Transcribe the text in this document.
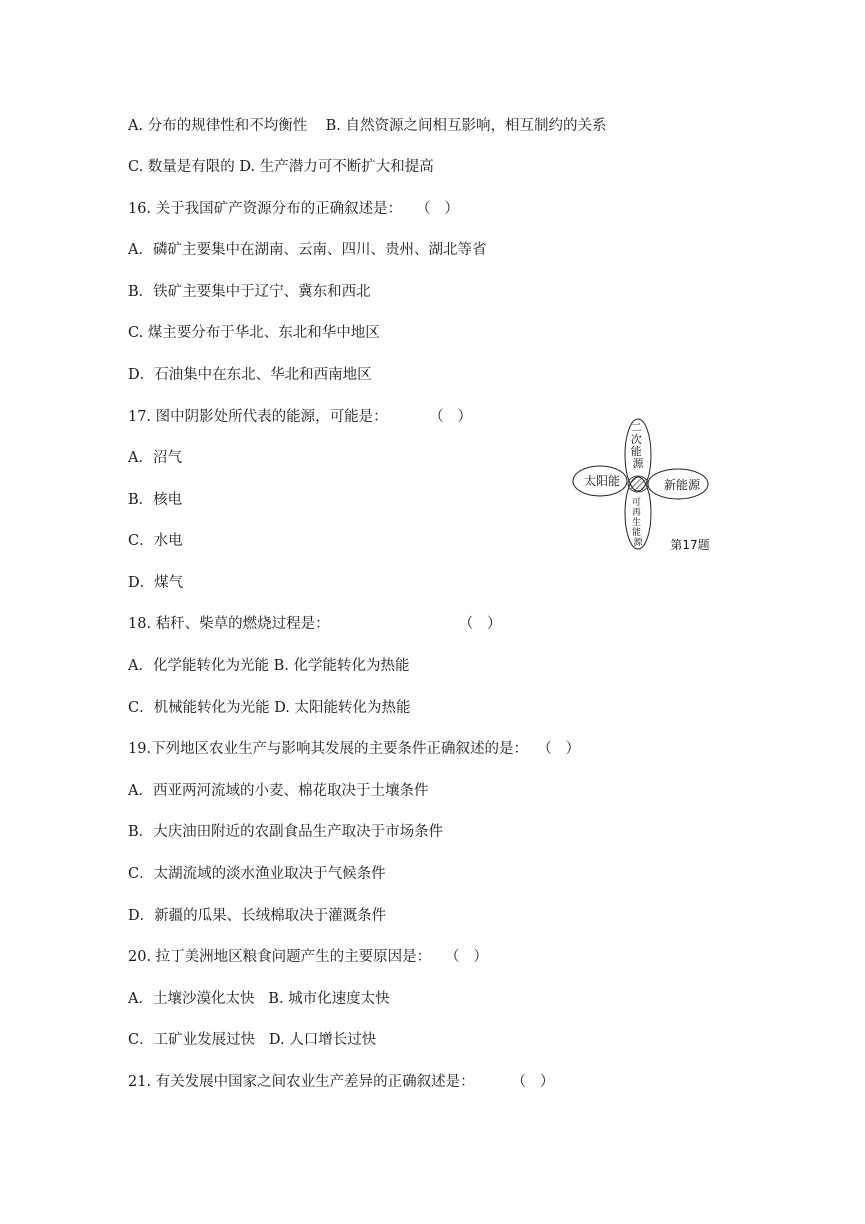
A. 分布的规律性和不均衡性    B. 自然资源之间相互影响，相互制约的关系
C. 数量是有限的 D. 生产潜力可不断扩大和提高
16. 关于我国矿产资源分布的正确叙述是：   （   ）
A．磷矿主要集中在湖南、云南、四川、贵州、湖北等省
B．铁矿主要集中于辽宁、冀东和西北
C. 煤主要分布于华北、东北和华中地区
D．石油集中在东北、华北和西南地区
17. 图中阴影处所代表的能源，可能是：         （   ）
A．沼气
B．核电
C．水电
D．煤气
18. 秸秆、柴草的燃烧过程是：                            （   ）
A．化学能转化为光能 B. 化学能转化为热能
C．机械能转化为光能 D. 太阳能转化为热能
19.下列地区农业生产与影响其发展的主要条件正确叙述的是：  （   ）
A．西亚两河流域的小麦、棉花取决于土壤条件
B．大庆油田附近的农副食品生产取决于市场条件
C．太湖流域的淡水渔业取决于气候条件
D．新疆的瓜果、长绒棉取决于灌溉条件
20. 拉丁美洲地区粮食问题产生的主要原因是：   （   ）
A．土壤沙漠化太快   B. 城市化速度太快
C．工矿业发展过快   D. 人口增长过快
21. 有关发展中国家之间农业生产差异的正确叙述是：        （   ）
二 次 能 源
可 再 生 能 源
太阳能	新能源
第17题
